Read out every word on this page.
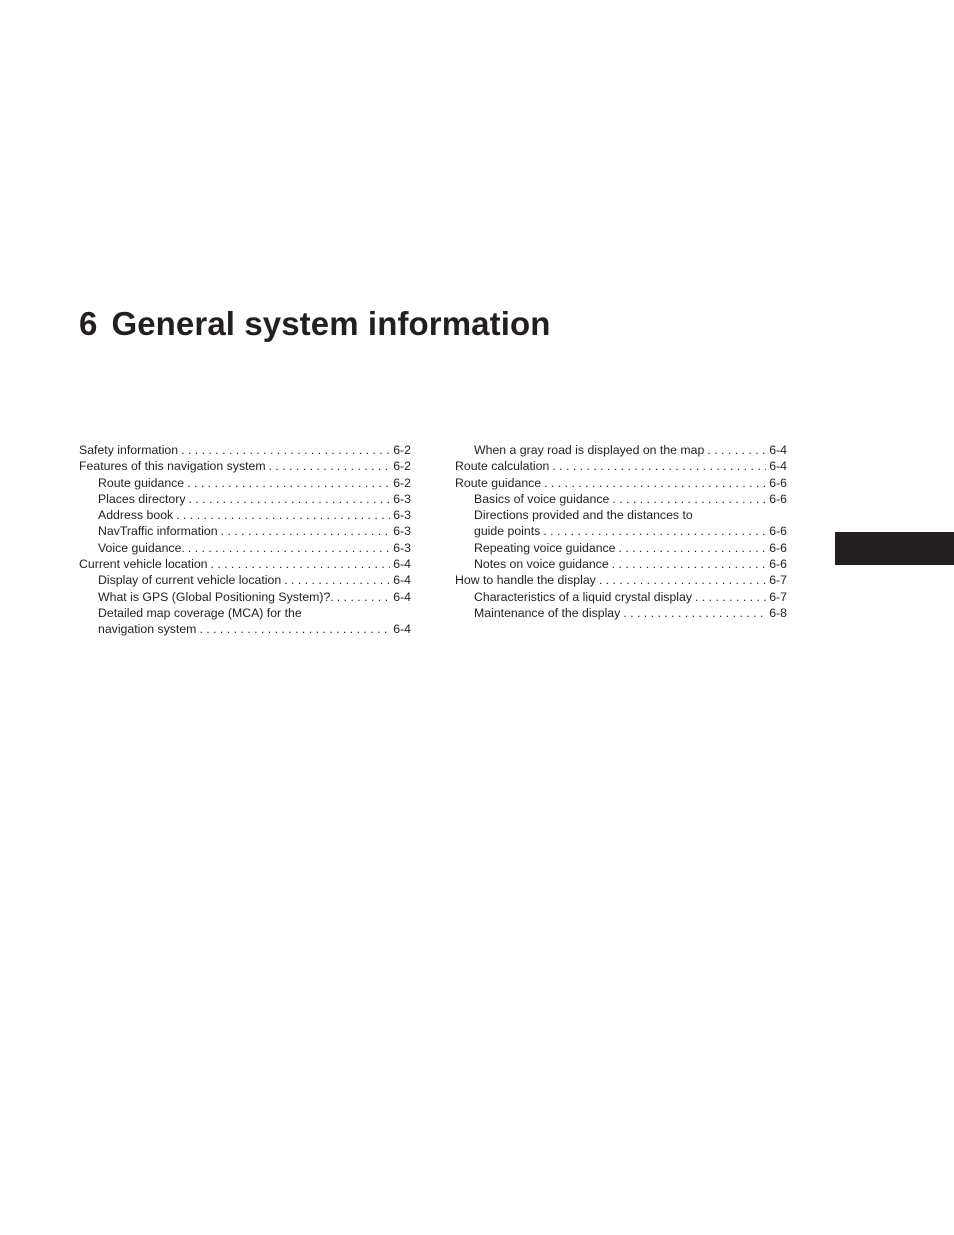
6 General system information
Safety information . . .	6-2
Features of this navigation system . . .	6-2
Route guidance . . .	6-2
Places directory . . .	6-3
Address book . . .	6-3
NavTraffic information . . .	6-3
Voice guidance. . . .	6-3
Current vehicle location . . .	6-4
Display of current vehicle location . . .	6-4
What is GPS (Global Positioning System)?. . . .	6-4
Detailed map coverage (MCA) for the
navigation system . . .	6-4
When a gray road is displayed on the map . . .	6-4
Route calculation . . .	6-4
Route guidance . . .	6-6
Basics of voice guidance . . .	6-6
Directions provided and the distances to
guide points . . .	6-6
Repeating voice guidance . . .	6-6
Notes on voice guidance . . .	6-6
How to handle the display . . .	6-7
Characteristics of a liquid crystal display . . .	6-7
Maintenance of the display . . .	6-8
